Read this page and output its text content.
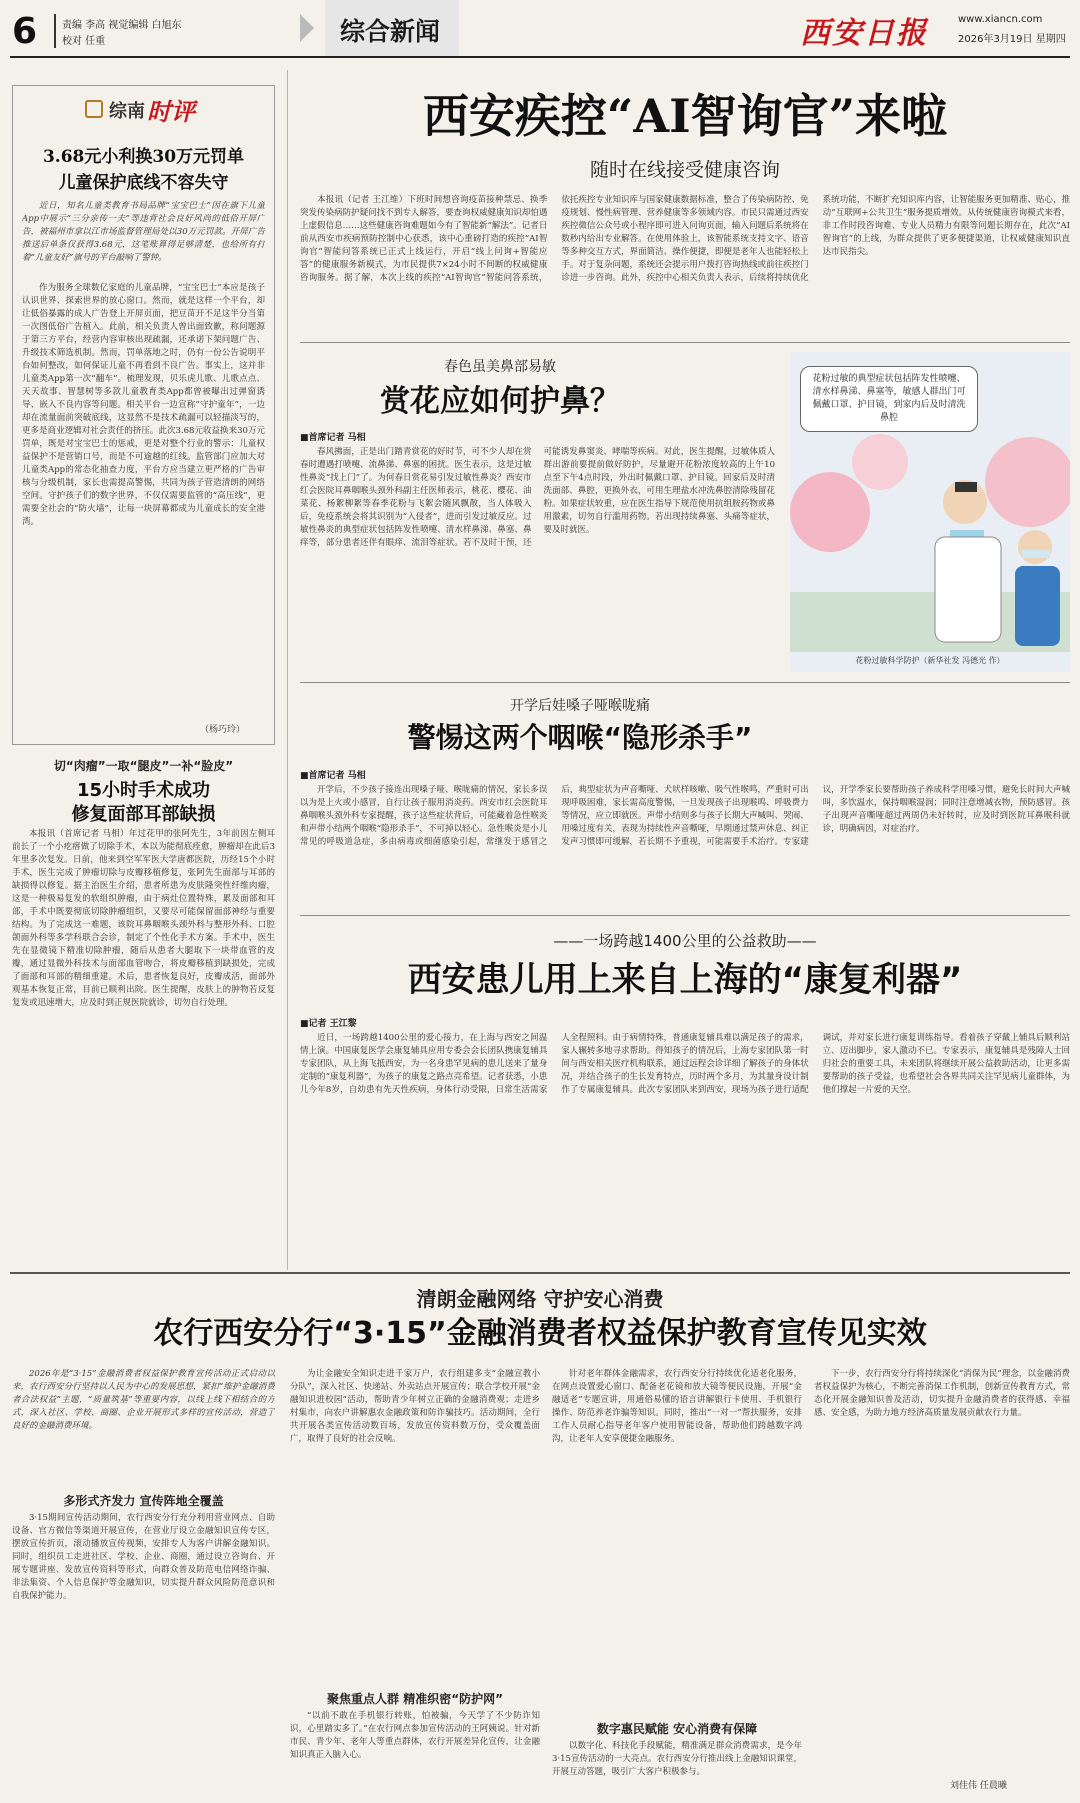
6 责编 李高 视觉编辑 白旭东
校对 任重	综合新闻	西安日报	www.xiancn.com
2026年3月19日 星期四
综南 时评
3.68元小利换30万元罚单
儿童保护底线不容失守

近日，知名儿童类教育书局品牌“宝宝巴士”因在旗下儿童App中展示“三分亲传一夫”等违背社会良好风尚的低俗开屏广告，被福州市拿以江市场监督管理局处以30万元罚款。开屏广告推送后单条仅获得3.68元，这笔账算得足够清楚，也给所有打着“儿童友好”旗号的平台敲响了警钟。

作为服务全球数亿家庭的儿童品牌，“宝宝巴士”本应是孩子认识世界、探索世界的放心窗口。然而，就是这样一个平台，却让低俗暴露的成人广告登上开屏页面，把豆苗开不足这半分当第一次图低俗广告植入。此前，相关负责人曾出面致歉，称问题源于第三方平台，经营内容审核出现疏漏，还承诺下架问题广告、升级技术筛选机制。然而，罚单落地之时，仍有一份公告说明平台如何整改，如何保证儿童不再看到不良广告。事实上，这并非儿童类App第一次“翻车”。梳理发现，贝乐虎儿歌、儿歌点点、天天故事、智慧树等多款儿童教育类App都曾被曝出过弹窗诱导、嵌入不良内容等问题。相关平台一边宣称“守护童年”，一边却在流量面前突破底线，这显然不是技术疏漏可以轻描淡写的，更多是商业逻辑对社会责任的挤压。此次3.68元收益换来30万元罚单，既是对宝宝巴士的惩戒，更是对整个行业的警示：儿童权益保护不是营销口号，而是不可逾越的红线。监管部门应加大对儿童类App的常态化抽查力度，平台方应当建立更严格的广告审核与分级机制，家长也需提高警惕，共同为孩子营造清朗的网络空间。守护孩子们的数字世界，不仅仅需要监管的“高压线”，更需要全社会的“防火墙”，让每一块屏幕都成为儿童成长的安全港湾。

（杨巧玲）
切“肉瘤”一取“腿皮”一补“脸皮”
15小时手术成功
修复面部耳部缺损

本报讯（首席记者 马相）年过花甲的张阿先生，3年前因左侧耳前长了一个小疙瘩做了切除手术，本以为能彻底痊愈，肿瘤却在此后3年里多次复发。日前，他来到空军军医大学唐都医院，历经15个小时手术，医生完成了肿瘤切除与皮瓣移植修复，张阿先生面部与耳部的缺损得以修复。据主治医生介绍，患者所患为皮肤隆突性纤维肉瘤，这是一种极易复发的软组织肿瘤，由于病灶位置特殊，累及面部和耳部，手术中既要彻底切除肿瘤组织，又要尽可能保留面部神经与重要结构。为了完成这一难题，该院耳鼻咽喉头颈外科与整形外科、口腔颌面外科等多学科联合会诊，制定了个性化手术方案。手术中，医生先在显微镜下精准切除肿瘤，随后从患者大腿取下一块带血管的皮瓣，通过显微外科技术与面部血管吻合，将皮瓣移植到缺损处，完成了面部和耳部的精细重建。术后，患者恢复良好，皮瓣成活，面部外观基本恢复正常，目前已顺利出院。医生提醒，皮肤上的肿物若反复复发或迅速增大，应及时到正规医院就诊，切勿自行处理。

西安疾控“AI智询官”来啦
随时在线接受健康咨询

本报讯（记者 王江维）下班时间想咨询疫苗接种禁忌、换季突发传染病防护疑问找不到专人解答，要查询权威健康知识却怕遇上虚假信息……这些健康咨询难题如今有了智能新“解法”。记者日前从西安市疾病预防控制中心获悉，该中心重磅打造的疾控“AI智询官”智能问答系统已正式上线运行，开启“线上问询+智能应答”的健康服务新模式，为市民提供7×24小时不间断的权威健康咨询服务。据了解，本次上线的疾控“AI智询官”智能问答系统，依托疾控专业知识库与国家健康数据标准，整合了传染病防控、免疫规划、慢性病管理、营养健康等多领域内容。市民只需通过西安疾控微信公众号或小程序即可进入问询页面，输入问题后系统将在数秒内给出专业解答。在使用体验上，该智能系统支持文字、语音等多种交互方式，界面简洁、操作便捷，即便是老年人也能轻松上手。对于复杂问题，系统还会提示用户拨打咨询热线或前往疾控门诊进一步咨询。此外，疾控中心相关负责人表示，后续将持续优化系统功能，不断扩充知识库内容，让智能服务更加精准、贴心，推动“互联网+公共卫生”服务提质增效。从传统健康咨询模式来看，非工作时段咨询难、专业人员精力有限等问题长期存在，此次“AI智询官”的上线，为群众提供了更多便捷渠道，让权威健康知识直达市民指尖。

春色虽美鼻部易敏
赏花应如何护鼻？
■首席记者 马相

春风拂面，正是出门踏青赏花的好时节，可不少人却在赏春时遭遇打喷嚏、流鼻涕、鼻塞的困扰。医生表示，这是过敏性鼻炎“找上门”了。为何春日赏花易引发过敏性鼻炎？西安市红会医院耳鼻咽喉头颈外科副主任医师表示，桃花、樱花、油菜花、杨絮柳絮等春季花粉与飞絮会随风飘散，当人体吸入后，免疫系统会将其识别为“入侵者”，进而引发过敏反应。过敏性鼻炎的典型症状包括阵发性喷嚏、清水样鼻涕、鼻塞、鼻痒等，部分患者还伴有眼痒、流泪等症状。若不及时干预，还可能诱发鼻窦炎、哮喘等疾病。对此，医生提醒，过敏体质人群出游前要提前做好防护，尽量避开花粉浓度较高的上午10点至下午4点时段，外出时佩戴口罩、护目镜。回家后及时清洗面部、鼻腔，更换外衣，可用生理盐水冲洗鼻腔清除残留花粉。如果症状较重，应在医生指导下规范使用抗组胺药物或鼻用激素，切勿自行滥用药物。若出现持续鼻塞、头痛等症状，要及时就医。

花粉过敏的典型症状包括阵发性喷嚏、清水样鼻涕、鼻塞等，敏感人群出门可佩戴口罩、护目镜，到家内后及时清洗鼻腔
花粉过敏科学防护（新华社发 冯德光 作）
开学后娃嗓子哑喉咙痛
警惕这两个咽喉“隐形杀手”
■首席记者 马相

开学后，不少孩子接连出现嗓子哑、喉咙痛的情况，家长多误以为是上火或小感冒，自行让孩子服用消炎药。西安市红会医院耳鼻咽喉头颈外科专家提醒，孩子这些症状背后，可能藏着急性喉炎和声带小结两个咽喉“隐形杀手”，不可掉以轻心。急性喉炎是小儿常见的呼吸道急症，多由病毒或细菌感染引起，常继发于感冒之后，典型症状为声音嘶哑、犬吠样咳嗽、吸气性喉鸣，严重时可出现呼吸困难，家长需高度警惕，一旦发现孩子出现喉鸣、呼吸费力等情况，应立即就医。声带小结则多与孩子长期大声喊叫、哭闹、用嗓过度有关，表现为持续性声音嘶哑，早期通过禁声休息、纠正发声习惯即可缓解，若长期不予重视，可能需要手术治疗。专家建议，开学季家长要帮助孩子养成科学用嗓习惯，避免长时间大声喊叫，多饮温水，保持咽喉湿润；同时注意增减衣物，预防感冒。孩子出现声音嘶哑超过两周仍未好转时，应及时到医院耳鼻喉科就诊，明确病因，对症治疗。

——一场跨越1400公里的公益救助——
西安患儿用上来自上海的“康复利器”
■记者 王江黎

近日，一场跨越1400公里的爱心接力，在上海与西安之间温情上演。中国康复医学会康复辅具应用专委会会长团队携康复辅具专家团队，从上海飞抵西安，为一名身患罕见病的患儿送来了量身定制的“康复利器”，为孩子的康复之路点亮希望。记者获悉，小患儿今年8岁，自幼患有先天性疾病，身体行动受限，日常生活需家人全程照料。由于病情特殊，普通康复辅具难以满足孩子的需求，家人辗转多地寻求帮助。得知孩子的情况后，上海专家团队第一时间与西安相关医疗机构联系，通过远程会诊详细了解孩子的身体状况，并结合孩子的生长发育特点，历时两个多月，为其量身设计制作了专属康复辅具。此次专家团队来到西安，现场为孩子进行适配调试，并对家长进行康复训练指导。看着孩子穿戴上辅具后顺利站立、迈出脚步，家人激动不已。专家表示，康复辅具是残障人士回归社会的重要工具，未来团队将继续开展公益救助活动，让更多需要帮助的孩子受益，也希望社会各界共同关注罕见病儿童群体，为他们撑起一片爱的天空。

清朗金融网络 守护安心消费
农行西安分行“3·15”金融消费者权益保护教育宣传见实效

2026年是“3·15”金融消费者权益保护教育宣传活动正式启动以来，农行西安分行坚持以人民为中心的发展思想，紧扣“维护金融消费者合法权益”主题，“质量筑基”等重要内容，以线上线下相结合的方式，深入社区、学校、商圈、企业开展形式多样的宣传活动，营造了良好的金融消费环境。

多形式齐发力 宣传阵地全覆盖

3·15期间宣传活动期间，农行西安分行充分利用营业网点、自助设备、官方微信等渠道开展宣传，在营业厅设立金融知识宣传专区，摆放宣传折页，滚动播放宣传视频，安排专人为客户讲解金融知识。同时，组织员工走进社区、学校、企业、商圈，通过设立咨询台、开展专题讲座、发放宣传资料等形式，向群众普及防范电信网络诈骗、非法集资、个人信息保护等金融知识，切实提升群众风险防范意识和自我保护能力。

为让金融安全知识走进千家万户，农行组建多支“金融宣教小分队”，深入社区、快递站、外卖站点开展宣传；联合学校开展“金融知识进校园”活动，帮助青少年树立正确的金融消费观；走进乡村集市，向农户讲解惠农金融政策和防诈骗技巧。活动期间，全行共开展各类宣传活动数百场，发放宣传资料数万份，受众覆盖面广，取得了良好的社会反响。

聚焦重点人群 精准织密“防护网”

“以前不敢在手机银行转账，怕被骗，今天学了不少防诈知识，心里踏实多了。”在农行网点参加宣传活动的王阿姨说。针对新市民、青少年、老年人等重点群体，农行开展差异化宣传，让金融知识真正入脑入心。

针对老年群体金融需求，农行西安分行持续优化适老化服务，在网点设置爱心窗口、配备老花镜和放大镜等便民设施，开展“金融适老”专题宣讲，用通俗易懂的语言讲解银行卡使用、手机银行操作、防范养老诈骗等知识。同时，推出“一对一”帮扶服务，安排工作人员耐心指导老年客户使用智能设备，帮助他们跨越数字鸿沟，让老年人安享便捷金融服务。

数字惠民赋能 安心消费有保障

以数字化、科技化手段赋能，精准满足群众消费需求，是今年3·15宣传活动的一大亮点。农行西安分行推出线上金融知识课堂，开展互动答题，吸引广大客户积极参与。

下一步，农行西安分行将持续深化“消保为民”理念，以金融消费者权益保护为核心，不断完善消保工作机制，创新宣传教育方式，常态化开展金融知识普及活动，切实提升金融消费者的获得感、幸福感、安全感，为助力地方经济高质量发展贡献农行力量。

刘佳伟 任晨曦
